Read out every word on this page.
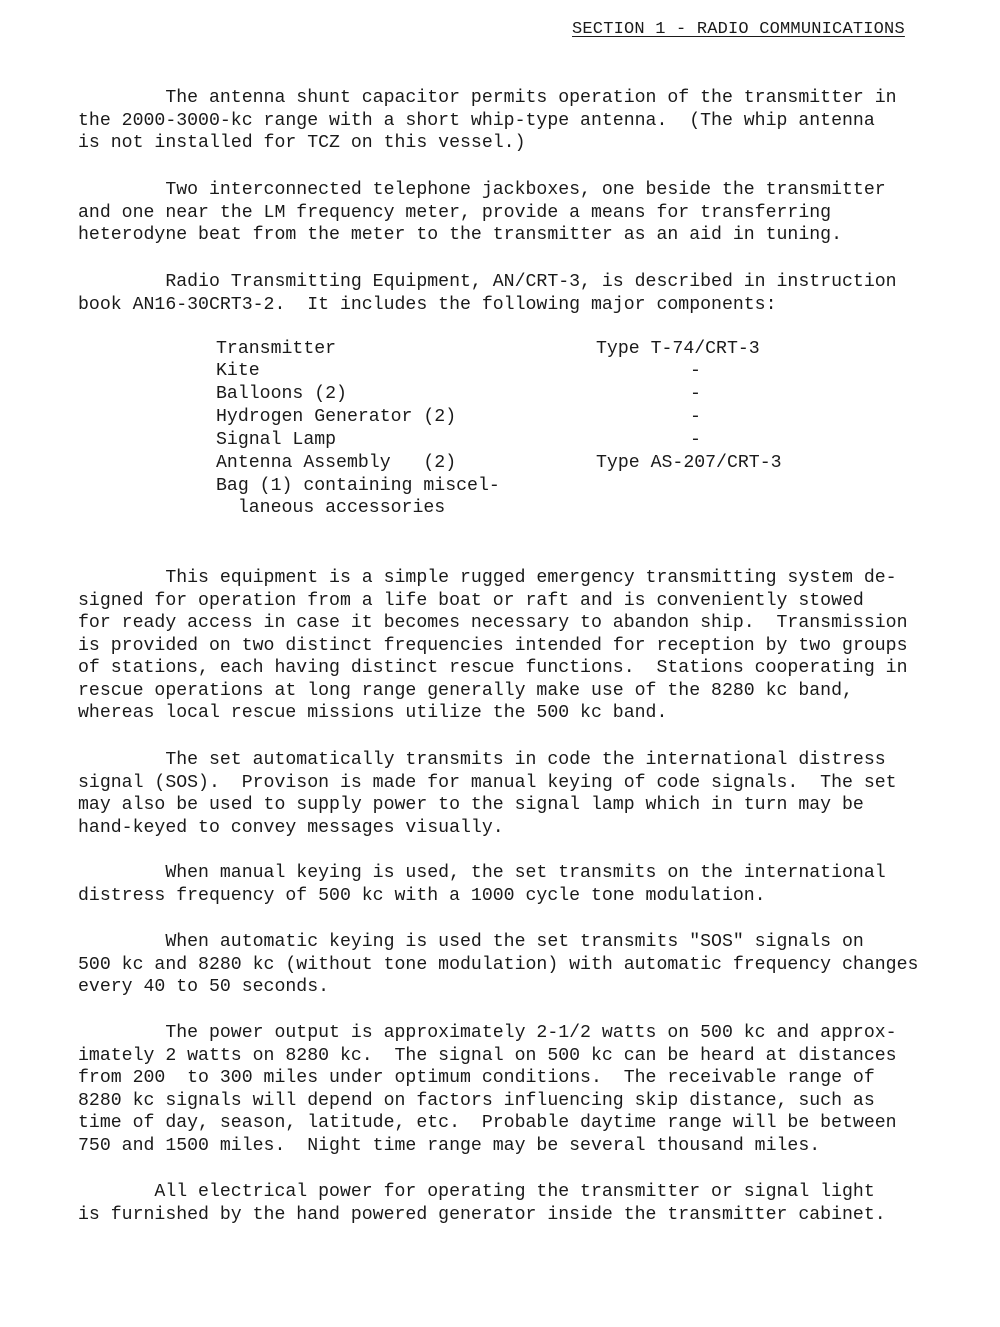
SECTION 1 - RADIO COMMUNICATIONS
The antenna shunt capacitor permits operation of the transmitter in
the 2000-3000-kc range with a short whip-type antenna.  (The whip antenna
is not installed for TCZ on this vessel.)
Two interconnected telephone jackboxes, one beside the transmitter
and one near the LM frequency meter, provide a means for transferring
heterodyne beat from the meter to the transmitter as an aid in tuning.
Radio Transmitting Equipment, AN/CRT-3, is described in instruction
book AN16-30CRT3-2.  It includes the following major components:
Transmitter	Type T-74/CRT-3
Kite	-
Balloons (2)	-
Hydrogen Generator (2)	-
Signal Lamp	-
Antenna Assembly   (2)	Type AS-207/CRT-3
Bag (1) containing miscel-
laneous accessories
This equipment is a simple rugged emergency transmitting system de-
signed for operation from a life boat or raft and is conveniently stowed
for ready access in case it becomes necessary to abandon ship.  Transmission
is provided on two distinct frequencies intended for reception by two groups
of stations, each having distinct rescue functions.  Stations cooperating in
rescue operations at long range generally make use of the 8280 kc band,
whereas local rescue missions utilize the 500 kc band.
The set automatically transmits in code the international distress
signal (SOS).  Provison is made for manual keying of code signals.  The set
may also be used to supply power to the signal lamp which in turn may be
hand-keyed to convey messages visually.
When manual keying is used, the set transmits on the international
distress frequency of 500 kc with a 1000 cycle tone modulation.
When automatic keying is used the set transmits "SOS" signals on
500 kc and 8280 kc (without tone modulation) with automatic frequency changes
every 40 to 50 seconds.
The power output is approximately 2-1/2 watts on 500 kc and approx-
imately 2 watts on 8280 kc.  The signal on 500 kc can be heard at distances
from 200  to 300 miles under optimum conditions.  The receivable range of
8280 kc signals will depend on factors influencing skip distance, such as
time of day, season, latitude, etc.  Probable daytime range will be between
750 and 1500 miles.  Night time range may be several thousand miles.
All electrical power for operating the transmitter or signal light
is furnished by the hand powered generator inside the transmitter cabinet.
